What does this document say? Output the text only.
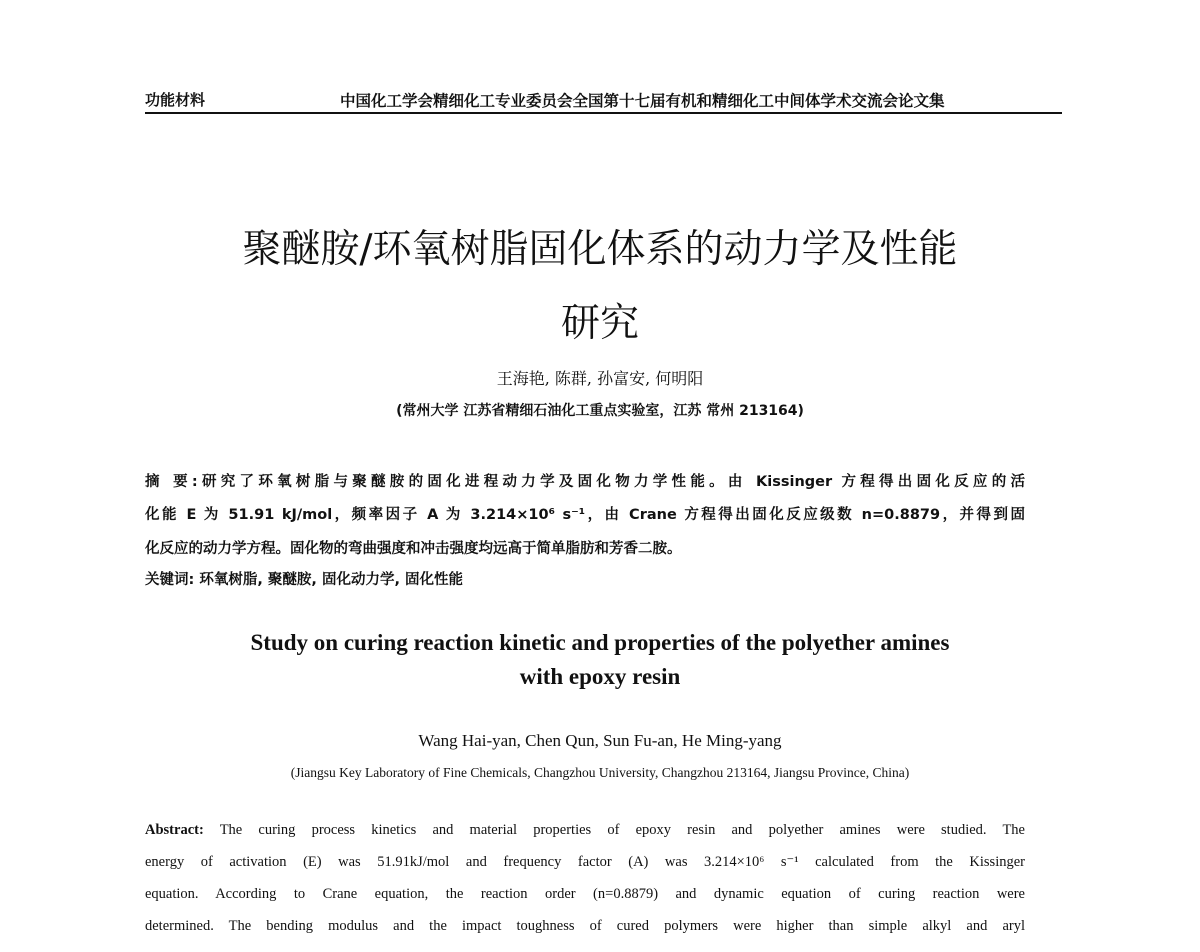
功能材料	中国化工学会精细化工专业委员会全国第十七届有机和精细化工中间体学术交流会论文集
聚醚胺/环氧树脂固化体系的动力学及性能
研究
王海艳, 陈群, 孙富安, 何明阳
(常州大学 江苏省精细石油化工重点实验室，江苏 常州 213164)
摘 要:研究了环氧树脂与聚醚胺的固化进程动力学及固化物力学性能。由 Kissinger 方程得出固化反应的活
化能 E 为 51.91 kJ/mol，频率因子 A 为 3.214×10⁶ s⁻¹，由 Crane 方程得出固化反应级数 n=0.8879，并得到固
化反应的动力学方程。固化物的弯曲强度和冲击强度均远高于简单脂肪和芳香二胺。
关键词: 环氧树脂, 聚醚胺, 固化动力学, 固化性能
Study on curing reaction kinetic and properties of the polyether amines
with epoxy resin
Wang Hai-yan, Chen Qun, Sun Fu-an, He Ming-yang
(Jiangsu Key Laboratory of Fine Chemicals, Changzhou University, Changzhou 213164, Jiangsu Province, China)
Abstract: The curing process kinetics and material properties of epoxy resin and polyether amines were studied. The
energy of activation (E) was 51.91kJ/mol and frequency factor (A) was 3.214×10⁶ s⁻¹ calculated from the Kissinger
equation. According to Crane equation, the reaction order (n=0.8879) and dynamic equation of curing reaction were
determined. The bending modulus and the impact toughness of cured polymers were higher than simple alkyl and aryl
